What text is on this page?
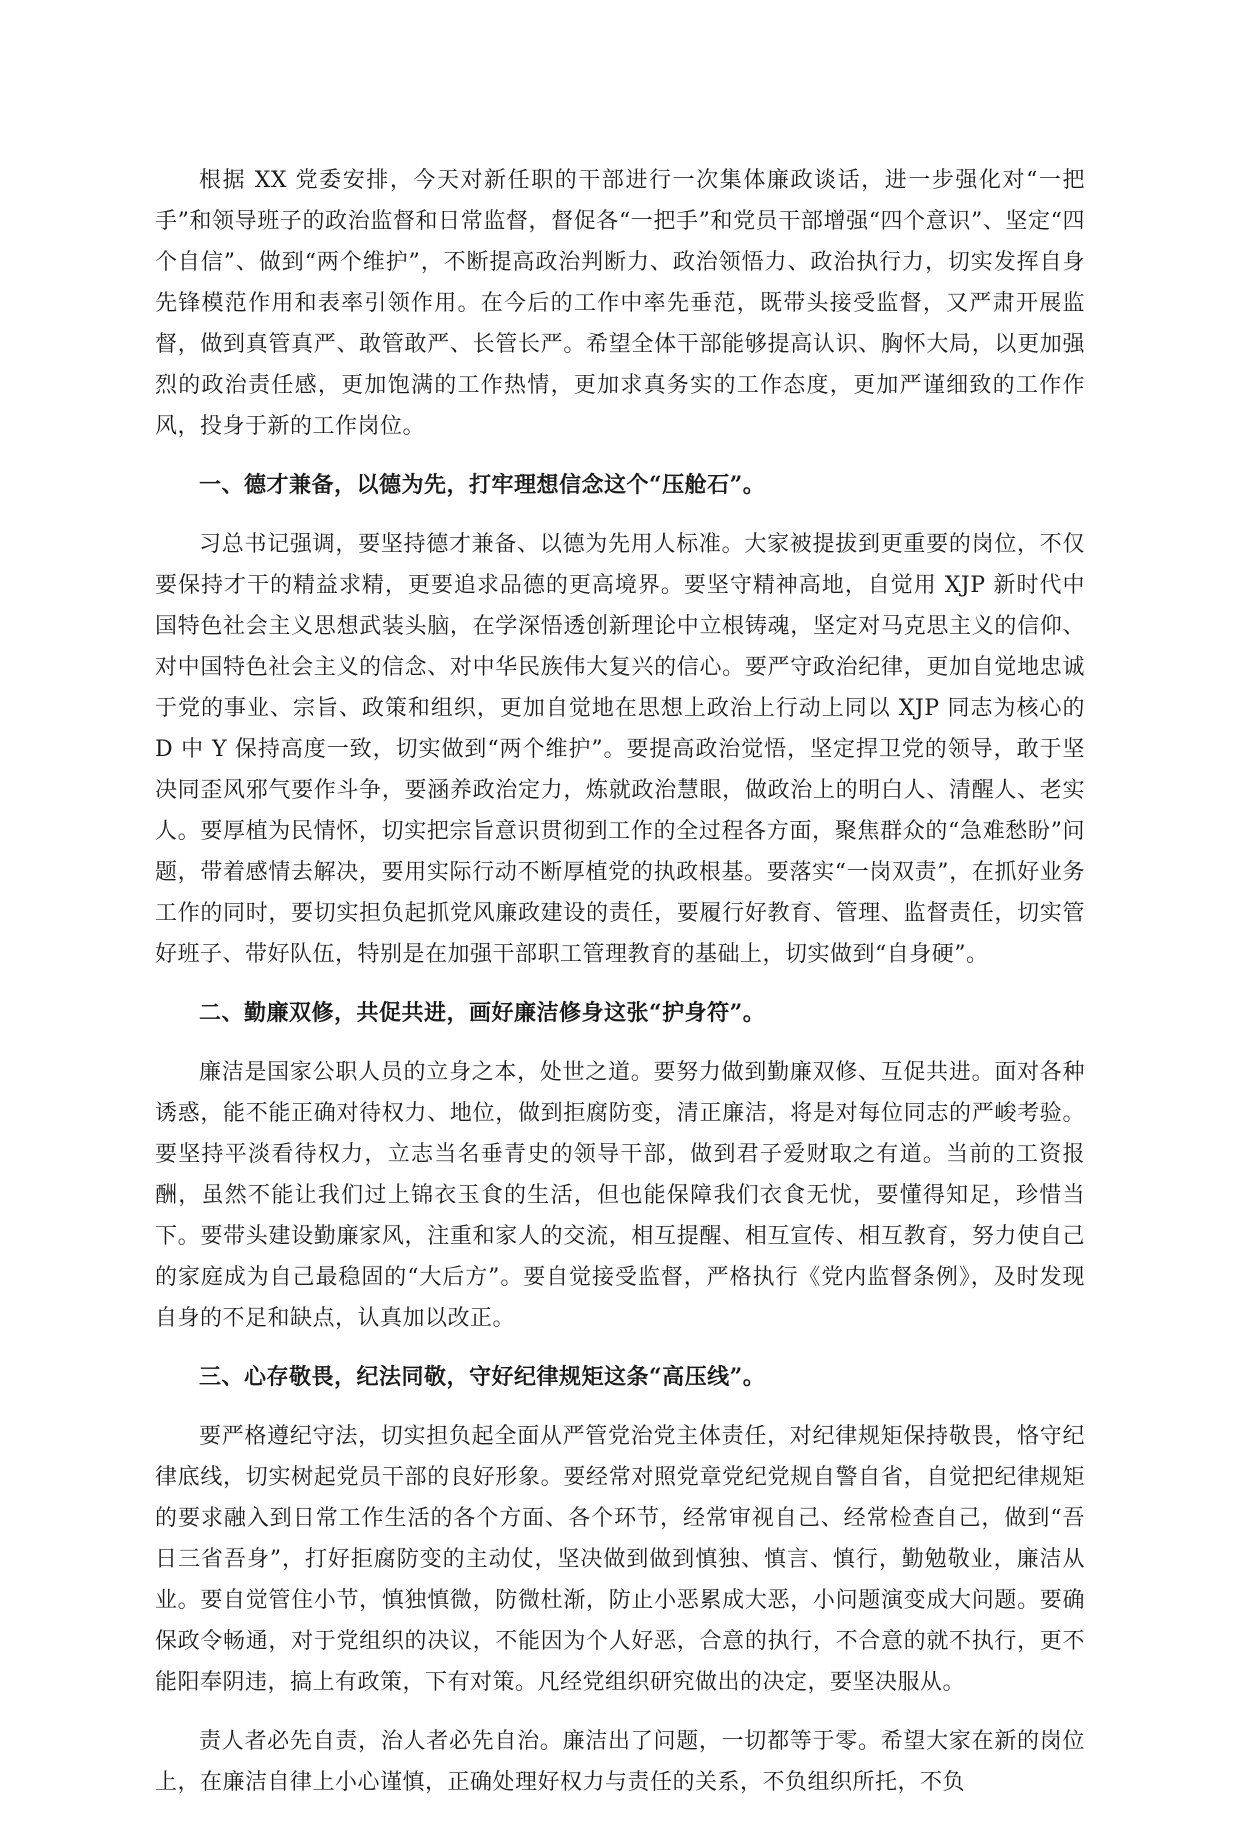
根据 XX 党委安排，今天对新任职的干部进行一次集体廉政谈话，进一步强化对“一把手”和领导班子的政治监督和日常监督，督促各“一把手”和党员干部增强“四个意识”、坚定“四个自信”、做到“两个维护”，不断提高政治判断力、政治领悟力、政治执行力，切实发挥自身先锋模范作用和表率引领作用。在今后的工作中率先垂范，既带头接受监督，又严肃开展监督，做到真管真严、敢管敢严、长管长严。希望全体干部能够提高认识、胸怀大局，以更加强烈的政治责任感，更加饱满的工作热情，更加求真务实的工作态度，更加严谨细致的工作作风，投身于新的工作岗位。

一、德才兼备，以德为先，打牢理想信念这个“压舱石”。

习总书记强调，要坚持德才兼备、以德为先用人标准。大家被提拔到更重要的岗位，不仅要保持才干的精益求精，更要追求品德的更高境界。要坚守精神高地，自觉用 XJP 新时代中国特色社会主义思想武装头脑，在学深悟透创新理论中立根铸魂，坚定对马克思主义的信仰、对中国特色社会主义的信念、对中华民族伟大复兴的信心。要严守政治纪律，更加自觉地忠诚于党的事业、宗旨、政策和组织，更加自觉地在思想上政治上行动上同以 XJP 同志为核心的 D 中 Y 保持高度一致，切实做到“两个维护”。要提高政治觉悟，坚定捍卫党的领导，敢于坚决同歪风邪气要作斗争，要涵养政治定力，炼就政治慧眼，做政治上的明白人、清醒人、老实人。要厚植为民情怀，切实把宗旨意识贯彻到工作的全过程各方面，聚焦群众的“急难愁盼”问题，带着感情去解决，要用实际行动不断厚植党的执政根基。要落实“一岗双责”，在抓好业务工作的同时，要切实担负起抓党风廉政建设的责任，要履行好教育、管理、监督责任，切实管好班子、带好队伍，特别是在加强干部职工管理教育的基础上，切实做到“自身硬”。

二、勤廉双修，共促共进，画好廉洁修身这张“护身符”。

廉洁是国家公职人员的立身之本，处世之道。要努力做到勤廉双修、互促共进。面对各种诱惑，能不能正确对待权力、地位，做到拒腐防变，清正廉洁，将是对每位同志的严峻考验。要坚持平淡看待权力，立志当名垂青史的领导干部，做到君子爱财取之有道。当前的工资报酬，虽然不能让我们过上锦衣玉食的生活，但也能保障我们衣食无忧，要懂得知足，珍惜当下。要带头建设勤廉家风，注重和家人的交流，相互提醒、相互宣传、相互教育，努力使自己的家庭成为自己最稳固的“大后方”。要自觉接受监督，严格执行《党内监督条例》，及时发现自身的不足和缺点，认真加以改正。

三、心存敬畏，纪法同敬，守好纪律规矩这条“高压线”。

要严格遵纪守法，切实担负起全面从严管党治党主体责任，对纪律规矩保持敬畏，恪守纪律底线，切实树起党员干部的良好形象。要经常对照党章党纪党规自警自省，自觉把纪律规矩的要求融入到日常工作生活的各个方面、各个环节，经常审视自己、经常检查自己，做到“吾日三省吾身”，打好拒腐防变的主动仗，坚决做到做到慎独、慎言、慎行，勤勉敬业，廉洁从业。要自觉管住小节，慎独慎微，防微杜渐，防止小恶累成大恶，小问题演变成大问题。要确保政令畅通，对于党组织的决议，不能因为个人好恶，合意的执行，不合意的就不执行，更不能阳奉阴违，搞上有政策，下有对策。凡经党组织研究做出的决定，要坚决服从。

责人者必先自责，治人者必先自治。廉洁出了问题，一切都等于零。希望大家在新的岗位上，在廉洁自律上小心谨慎，正确处理好权力与责任的关系，不负组织所托，不负
